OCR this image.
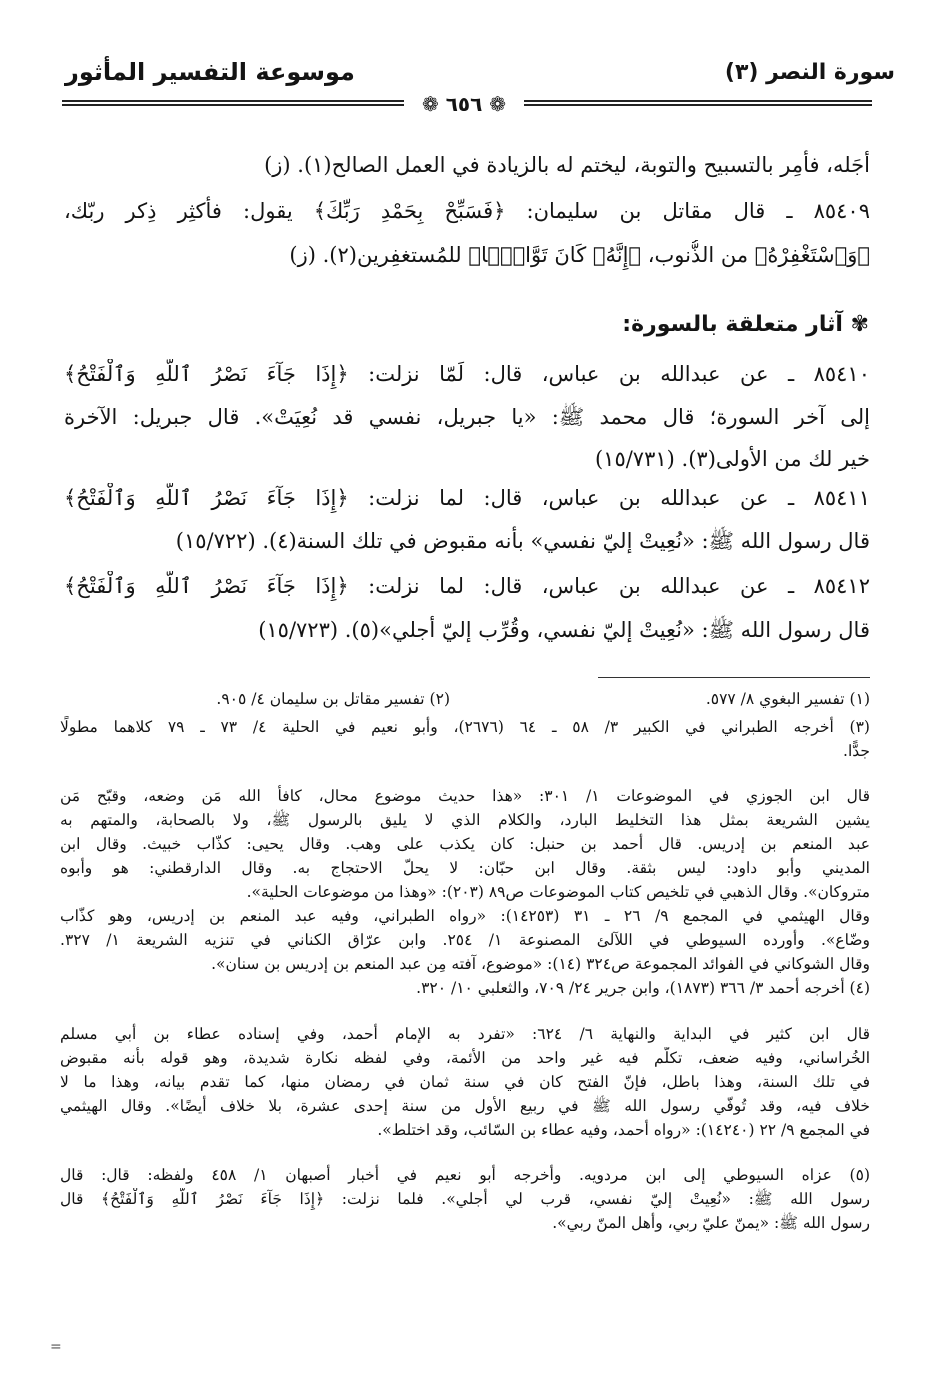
موسوعة التفسير المأثور	سورة النصر (٣)
❁ ٦٥٦ ❁
أجَله، فأُمِر بالتسبيح والتوبة، ليختم له بالزيادة في العمل الصالح(١). (ز)
٨٥٤٠٩ ـ قال مقاتل بن سليمان: ﴿فَسَبِّحْ بِحَمْدِ رَبِّكَ﴾ يقول: فأكثِر ذِكر ربّك،
﴿وَٱسْتَغْفِرْهُ﴾ من الذُّنوب، ﴿إِنَّهُۥ كَانَ تَوَّابًۢا﴾ للمُستغفِرين(٢). (ز)
✾ آثار متعلقة بالسورة:
٨٥٤١٠ ـ عن عبدالله بن عباس، قال: لَمّا نزلت: ﴿إِذَا جَآءَ نَصْرُ ٱللَّهِ وَٱلْفَتْحُ﴾
إلى آخر السورة؛ قال محمد ﷺ: «يا جبريل، نفسي قد نُعِيَتْ». قال جبريل: الآخرة
خير لك من الأولى(٣). (١٥/٧٣١)
٨٥٤١١ ـ عن عبدالله بن عباس، قال: لما نزلت: ﴿إِذَا جَآءَ نَصْرُ ٱللَّهِ وَٱلْفَتْحُ﴾
قال رسول الله ﷺ: «نُعِيتْ إليّ نفسي» بأنه مقبوض في تلك السنة(٤). (١٥/٧٢٢)
٨٥٤١٢ ـ عن عبدالله بن عباس، قال: لما نزلت: ﴿إِذَا جَآءَ نَصْرُ ٱللَّهِ وَٱلْفَتْحُ﴾
قال رسول الله ﷺ: «نُعِيتْ إليّ نفسي، وقُرِّب إليّ أجلي»(٥). (١٥/٧٢٣)
(١) تفسير البغوي ٨/ ٥٧٧.
(٢) تفسير مقاتل بن سليمان ٤/ ٩٠٥.
(٣) أخرجه الطبراني في الكبير ٣/ ٥٨ ـ ٦٤ (٢٦٧٦)، وأبو نعيم في الحلية ٤/ ٧٣ ـ ٧٩ كلاهما مطولًا
جدًّا.
قال ابن الجوزي في الموضوعات ١/ ٣٠١: «هذا حديث موضوع محال، كافأ الله مَن وضعه، وقبّح مَن
يشين الشريعة بمثل هذا التخليط البارد، والكلام الذي لا يليق بالرسول ﷺ، ولا بالصحابة، والمتهم به
عبد المنعم بن إدريس. قال أحمد بن حنبل: كان يكذب على وهب. وقال يحيى: كذّاب خبيث. وقال ابن
المديني وأبو داود: ليس بثقة. وقال ابن حبّان: لا يحلّ الاحتجاج به. وقال الدارقطني: هو وأبوه
متروكان». وقال الذهبي في تلخيص كتاب الموضوعات ص٨٩ (٢٠٣): «وهذا من موضوعات الحلية».
وقال الهيثمي في المجمع ٩/ ٢٦ ـ ٣١ (١٤٢٥٣): «رواه الطبراني، وفيه عبد المنعم بن إدريس، وهو كذّاب
وضّاع». وأورده السيوطي في اللآلئ المصنوعة ١/ ٢٥٤. وابن عرّاق الكناني في تنزيه الشريعة ١/ ٣٢٧.
وقال الشوكاني في الفوائد المجموعة ص٣٢٤ (١٤): «موضوع، آفته مِن عبد المنعم بن إدريس بن سنان».
(٤) أخرجه أحمد ٣/ ٣٦٦ (١٨٧٣)، وابن جرير ٢٤/ ٧٠٩، والثعلبي ١٠/ ٣٢٠.
قال ابن كثير في البداية والنهاية ٦/ ٦٢٤: «تفرد به الإمام أحمد، وفي إسناده عطاء بن أبي مسلم
الخُراساني، وفيه ضعف، تكلّم فيه غير واحد من الأئمة، وفي لفظه نكارة شديدة، وهو قوله بأنه مقبوض
في تلك السنة، وهذا باطل، فإنّ الفتح كان في سنة ثمان في رمضان منها، كما تقدم بيانه، وهذا ما لا
خلاف فيه، وقد تُوفّي رسول الله ﷺ في ربيع الأول من سنة إحدى عشرة، بلا خلاف أيضًا». وقال الهيثمي
في المجمع ٩/ ٢٢ (١٤٢٤٠): «رواه أحمد، وفيه عطاء بن السّائب، وقد اختلط».
(٥) عزاه السيوطي إلى ابن مردويه. وأخرجه أبو نعيم في أخبار أصبهان ١/ ٤٥٨ ولفظه: قال: قال
رسول الله ﷺ: «نُعِيتْ إليّ نفسي، قرب لي أجلي». فلما نزلت: ﴿إِذَا جَآءَ نَصْرُ ٱللَّهِ وَٱلْفَتْحُ﴾ قال
رسول الله ﷺ: «يمنّ عليّ ربي، وأهل المنّ ربي».
=
